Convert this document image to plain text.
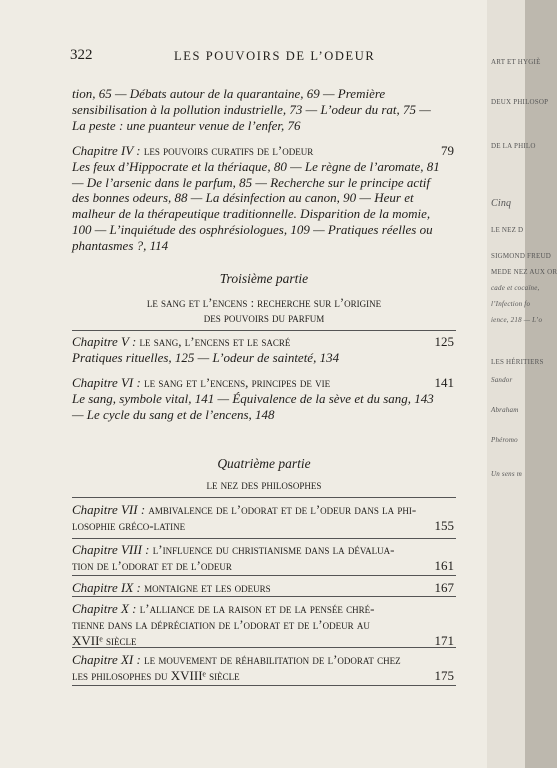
322	LES POUVOIRS DE L’ODEUR

tion, 65 — Débats autour de la quarantaine, 69 — Première

sensibilisation à la pollution industrielle, 73 — L’odeur du rat, 75 —

La peste : une puanteur venue de l’enfer, 76

Chapitre IV : les pouvoirs curatifs de l’odeur	79

Les feux d’Hippocrate et la thériaque, 80 — Le règne de l’aromate, 81

— De l’arsenic dans le parfum, 85 — Recherche sur le principe actif

des bonnes odeurs, 88 — La désinfection au canon, 90 — Heur et

malheur de la thérapeutique traditionnelle. Disparition de la momie,

100 — L’inquiétude des osphrésiologues, 109 — Pratiques réelles ou

phantasmes ?, 114

Troisième partie
le sang et l’encens : recherche sur l’origine
des pouvoirs du parfum
Chapitre V : le sang, l’encens et le sacré	125

Pratiques rituelles, 125 — L’odeur de sainteté, 134

Chapitre VI : le sang et l’encens, principes de vie	141

Le sang, symbole vital, 141 — Équivalence de la sève et du sang, 143

— Le cycle du sang et de l’encens, 148

Quatrième partie
le nez des philosophes
Chapitre VII : ambivalence de l’odorat et de l’odeur dans la phi-
losophie gréco-latine	155
Chapitre VIII : l’influence du christianisme dans la dévalua-
tion de l’odorat et de l’odeur	161
Chapitre IX : montaigne et les odeurs	167
Chapitre X : l’alliance de la raison et de la pensée chré-
tienne dans la dépréciation de l’odorat et de l’odeur au
XVIIᵉ siècle	171
Chapitre XI : le mouvement de réhabilitation de l’odorat chez
les philosophes du XVIIIᵉ siècle	175
ART ET HYGIÈ
DEUX PHILOSOP
DE LA PHILO
Cinq
LE NEZ D
SIGMOND FREUD
MEDE NEZ AUX OR
cade et cocaïne,
l’Infection fo
ience, 218 — L’o
LES HÉRITIERS
Sandor
Abraham
Phéromo
Un sens m
